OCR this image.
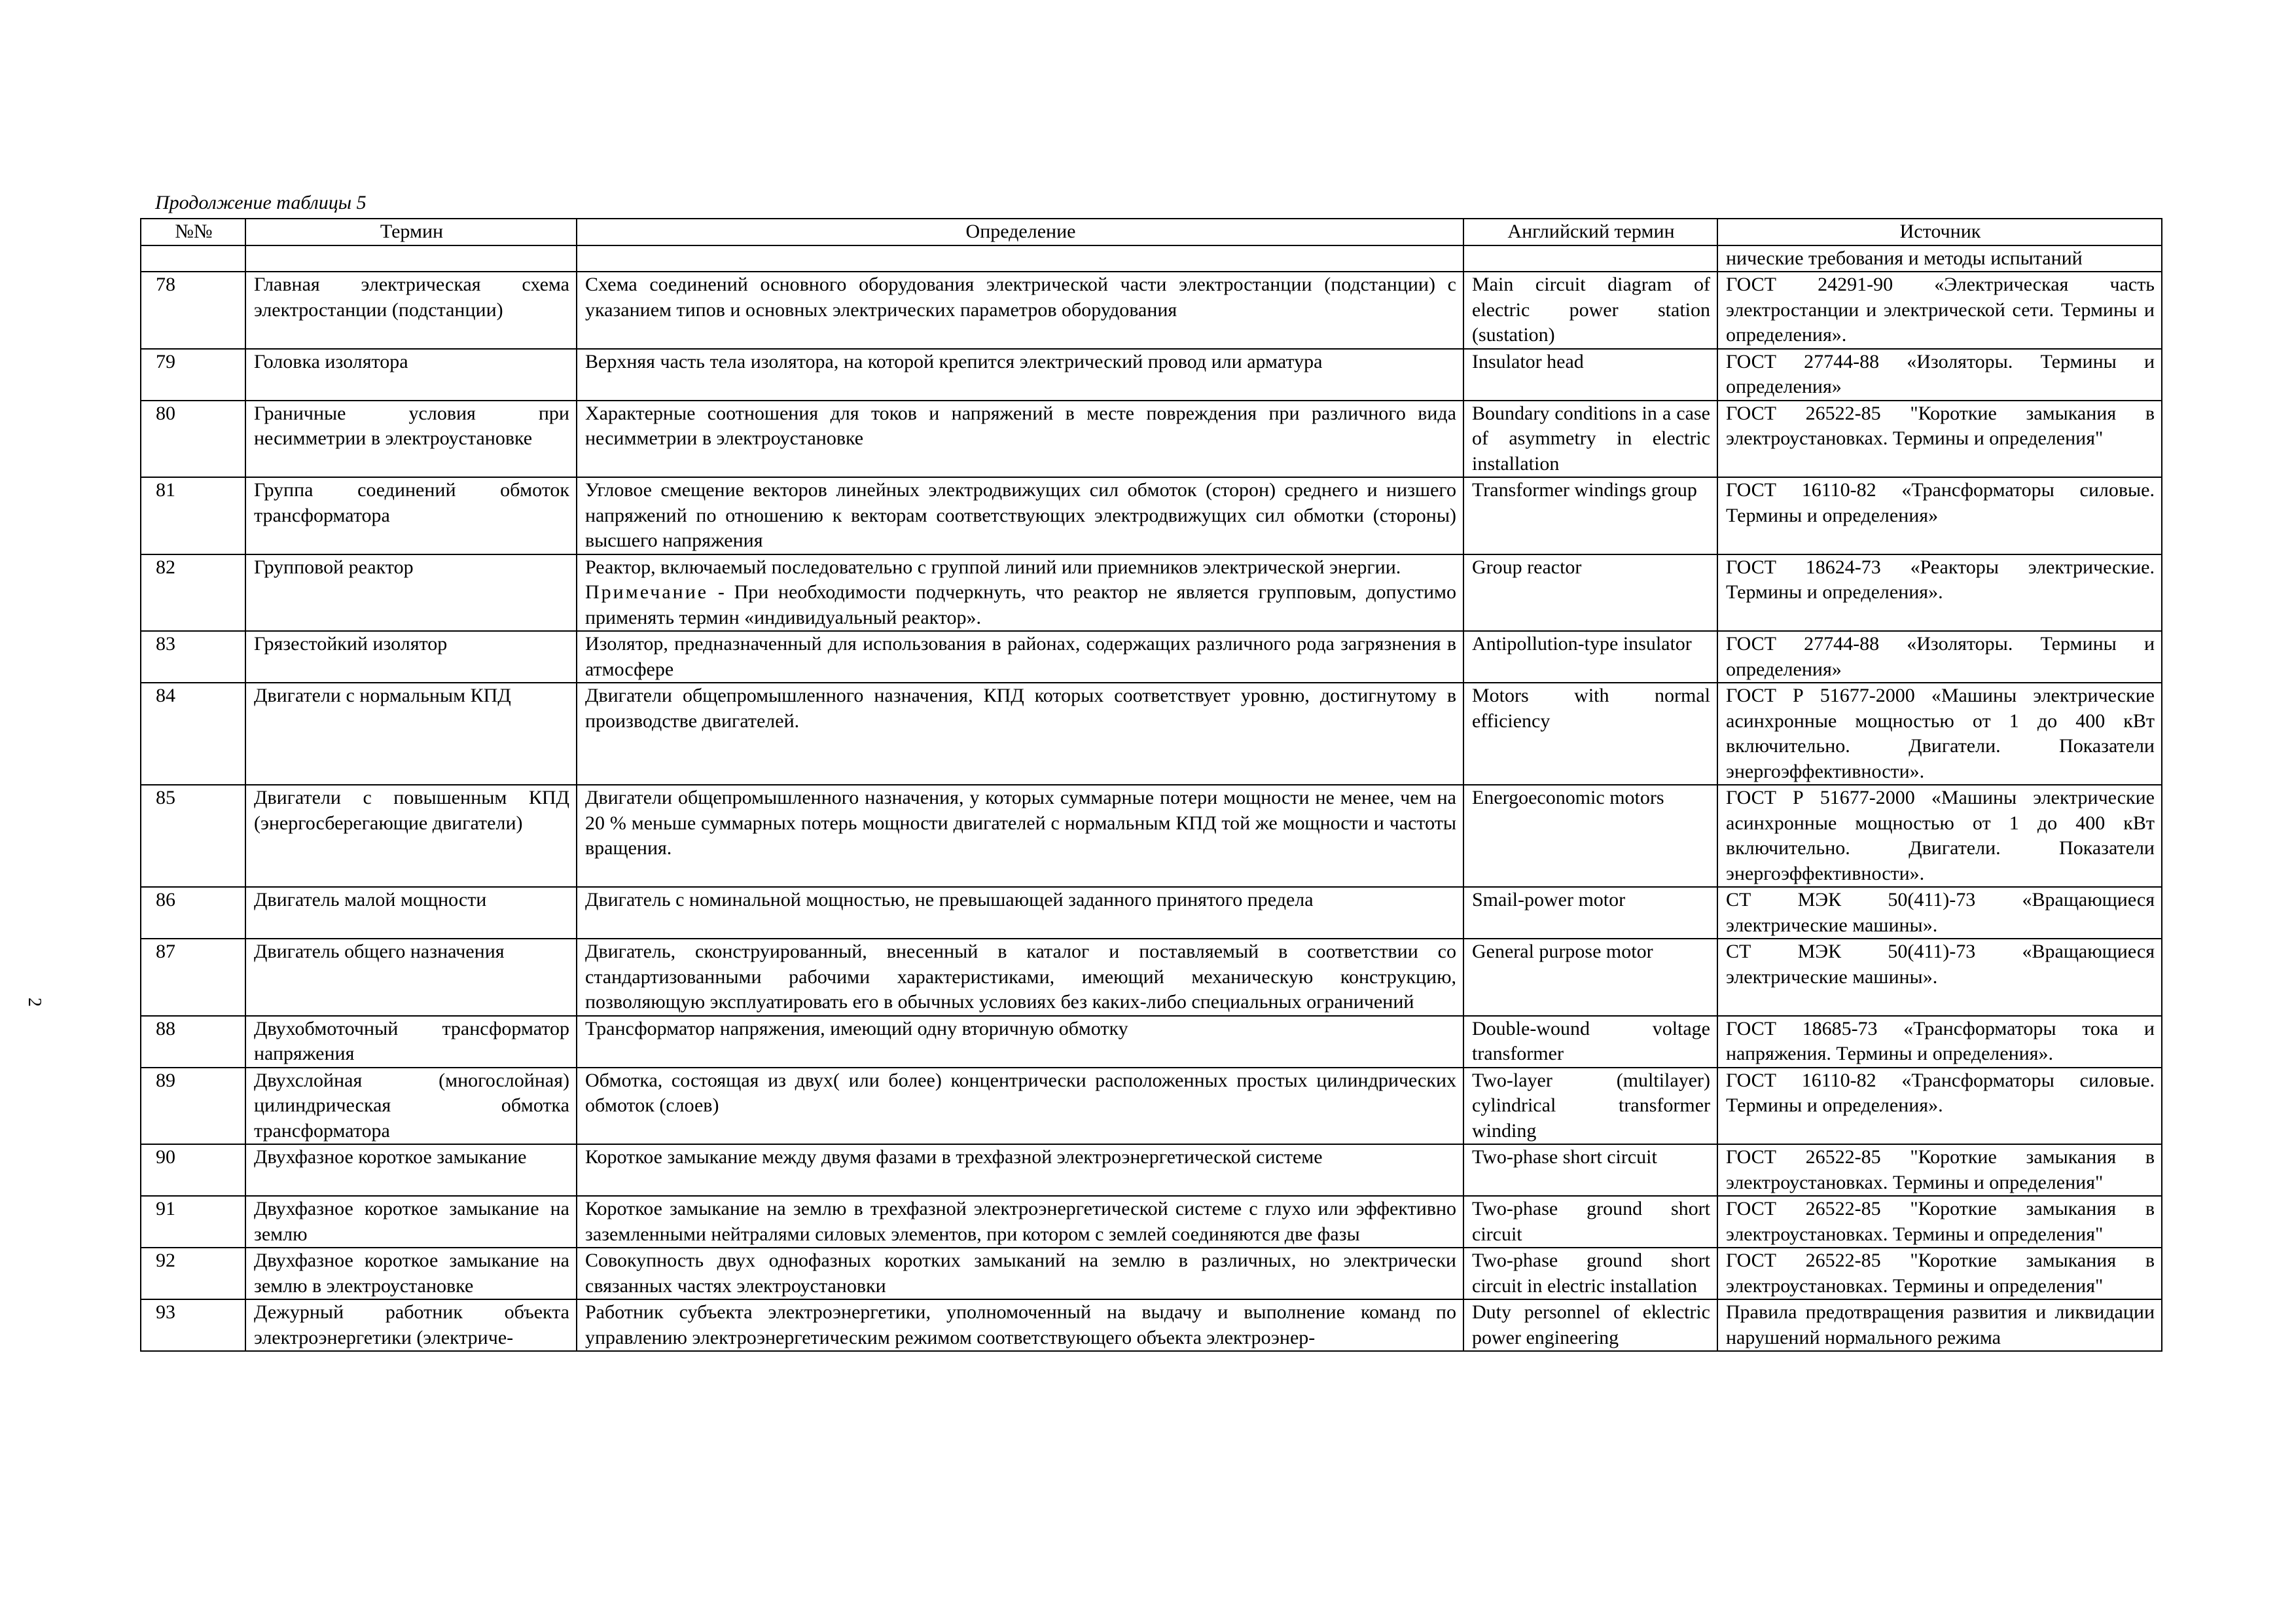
2
Продолжение таблицы 5
№№	Термин	Определение	Английский термин	Источник
				нические требования и методы испытаний
78	Главная электрическая схема электростанции (подстанции)	Схема соединений основного оборудования электрической части электростанции (подстанции) с указанием типов и основных электрических параметров оборудования	Main circuit diagram of electric power station (sustation)	ГОСТ 24291-90 «Электрическая часть электростанции и электрической сети. Термины и определения».
79	Головка изолятора	Верхняя часть тела изолятора, на которой крепится электрический провод или арматура	Insulator head	ГОСТ 27744-88 «Изоляторы. Термины и определения»
80	Граничные условия при несимметрии в электроустановке	Характерные соотношения для токов и напряжений в месте повреждения при различного вида несимметрии в электроустановке	Boundary conditions in a case of asymmetry in electric installation	ГОСТ 26522-85 "Короткие замыкания в электроустановках. Термины и определения"
81	Группа соединений обмоток трансформатора	Угловое смещение векторов линейных электродвижущих сил обмоток (сторон) среднего и низшего напряжений по отношению к векторам соответствующих электродвижущих сил обмотки (стороны) высшего напряжения	Transformer windings group	ГОСТ 16110-82 «Трансформаторы силовые. Термины и определения»
82	Групповой реактор	Реактор, включаемый последовательно с группой линий или приемников электрической энергии.
Примечание - При необходимости подчеркнуть, что реактор не является групповым, допустимо применять термин «индивидуальный реактор».	Group reactor	ГОСТ 18624-73 «Реакторы электрические. Термины и определения».
83	Грязестойкий изолятор	Изолятор, предназначенный для использования в районах, содержащих различного рода загрязнения в атмосфере	Antipollution-type insulator	ГОСТ 27744-88 «Изоляторы. Термины и определения»
84	Двигатели с нормальным КПД	Двигатели общепромышленного назначения, КПД которых соответствует уровню, достигнутому в производстве двигателей.	Motors with normal efficiency	ГОСТ Р 51677-2000 «Машины электрические асинхронные мощностью от 1 до 400 кВт включительно. Двигатели. Показатели энергоэффективности».
85	Двигатели с повышенным КПД (энергосберегающие двигатели)	Двигатели общепромышленного назначения, у которых суммарные потери мощности не менее, чем на 20 % меньше суммарных потерь мощности двигателей с нормальным КПД той же мощности и частоты вращения.	Energoeconomic motors	ГОСТ Р 51677-2000 «Машины электрические асинхронные мощностью от 1 до 400 кВт включительно. Двигатели. Показатели энергоэффективности».
86	Двигатель малой мощности	Двигатель с номинальной мощностью, не превышающей заданного принятого предела	Smail-power motor	СТ МЭК 50(411)-73 «Вращающиеся электрические машины».
87	Двигатель общего назначения	Двигатель, сконструированный, внесенный в каталог и поставляемый в соответствии со стандартизованными рабочими характеристиками, имеющий механическую конструкцию, позволяющую эксплуатировать его в обычных условиях без каких-либо специальных ограничений	General purpose motor	СТ МЭК 50(411)-73 «Вращающиеся электрические машины».
88	Двухобмоточный трансформатор напряжения	Трансформатор напряжения, имеющий одну вторичную обмотку	Double-wound voltage transformer	ГОСТ 18685-73 «Трансформаторы тока и напряжения. Термины и определения».
89	Двухслойная (многослойная) цилиндрическая обмотка трансформатора	Обмотка, состоящая из двух( или более) концентрически расположенных простых цилиндрических обмоток (слоев)	Two-layer (multilayer) cylindrical transformer winding	ГОСТ 16110-82 «Трансформаторы силовые. Термины и определения».
90	Двухфазное короткое замыкание	Короткое замыкание между двумя фазами в трехфазной электроэнергетической системе	Two-phase short circuit	ГОСТ 26522-85 "Короткие замыкания в электроустановках. Термины и определения"
91	Двухфазное короткое замыкание на землю	Короткое замыкание на землю в трехфазной электроэнергетической системе с глухо или эффективно заземленными нейтралями силовых элементов, при котором с землей соединяются две фазы	Two-phase ground short circuit	ГОСТ 26522-85 "Короткие замыкания в электроустановках. Термины и определения"
92	Двухфазное короткое замыкание на землю в электроустановке	Совокупность двух однофазных коротких замыканий на землю в различных, но электрически связанных частях электроустановки	Two-phase ground short circuit in electric installation	ГОСТ 26522-85 "Короткие замыкания в электроустановках. Термины и определения"
93	Дежурный работник объекта электроэнергетики (электриче-	Работник субъекта электроэнергетики, уполномоченный на выдачу и выполнение команд по управлению электроэнергетическим режимом соответствующего объекта электроэнер-	Duty personnel of eklectric power engineering	Правила предотвращения развития и ликвидации нарушений нормального режима
